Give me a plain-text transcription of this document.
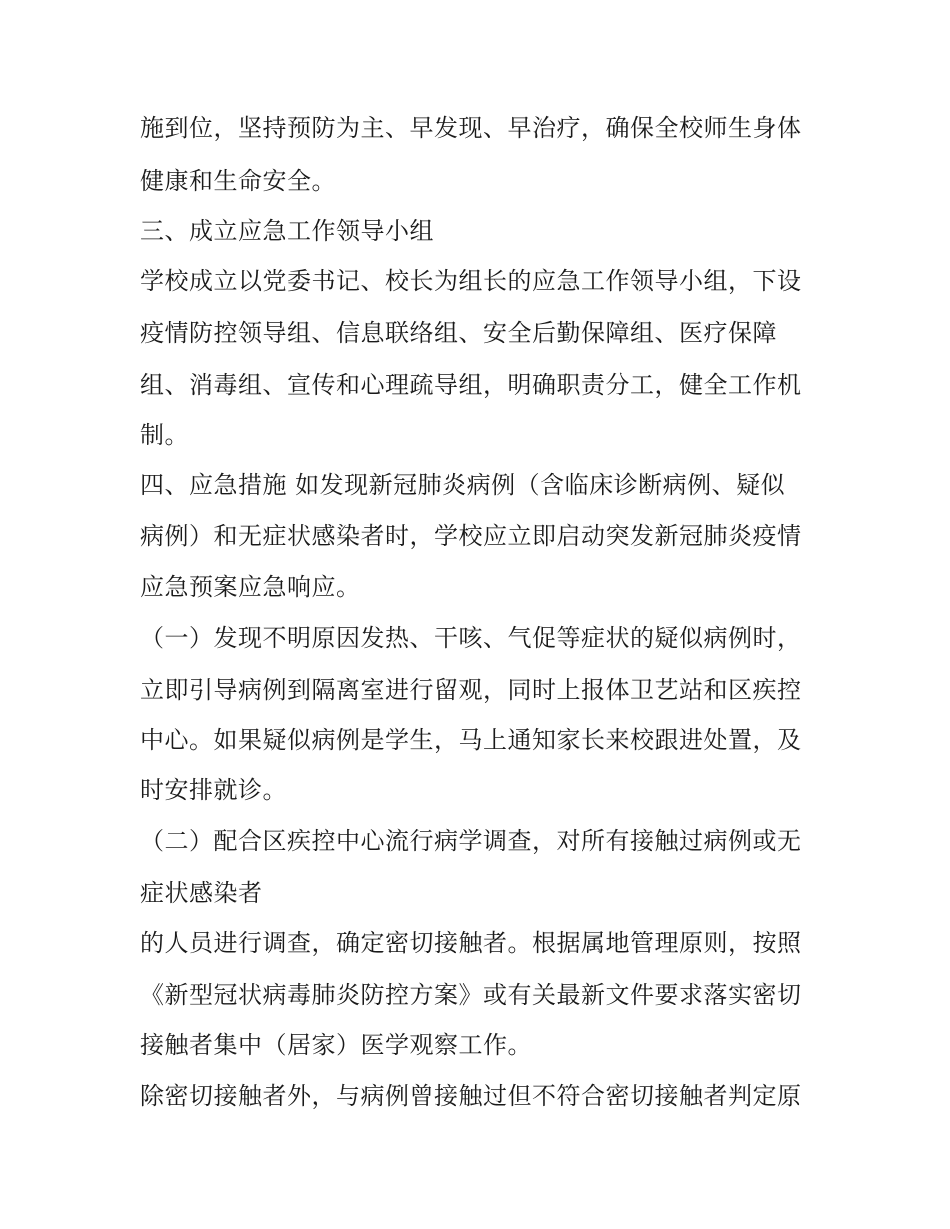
施到位，坚持预防为主、早发现、早治疗，确保全校师生身体
健康和生命安全。
三、成立应急工作领导小组
学校成立以党委书记、校长为组长的应急工作领导小组，下设
疫情防控领导组、信息联络组、安全后勤保障组、医疗保障
组、消毒组、宣传和心理疏导组，明确职责分工，健全工作机
制。
四、应急措施 如发现新冠肺炎病例（含临床诊断病例、疑似
病例）和无症状感染者时，学校应立即启动突发新冠肺炎疫情
应急预案应急响应。
（一）发现不明原因发热、干咳、气促等症状的疑似病例时，
立即引导病例到隔离室进行留观，同时上报体卫艺站和区疾控
中心。如果疑似病例是学生，马上通知家长来校跟进处置，及
时安排就诊。
（二）配合区疾控中心流行病学调查，对所有接触过病例或无
症状感染者
的人员进行调查，确定密切接触者。根据属地管理原则，按照
《新型冠状病毒肺炎防控方案》或有关最新文件要求落实密切
接触者集中（居家）医学观察工作。
除密切接触者外，与病例曾接触过但不符合密切接触者判定原
